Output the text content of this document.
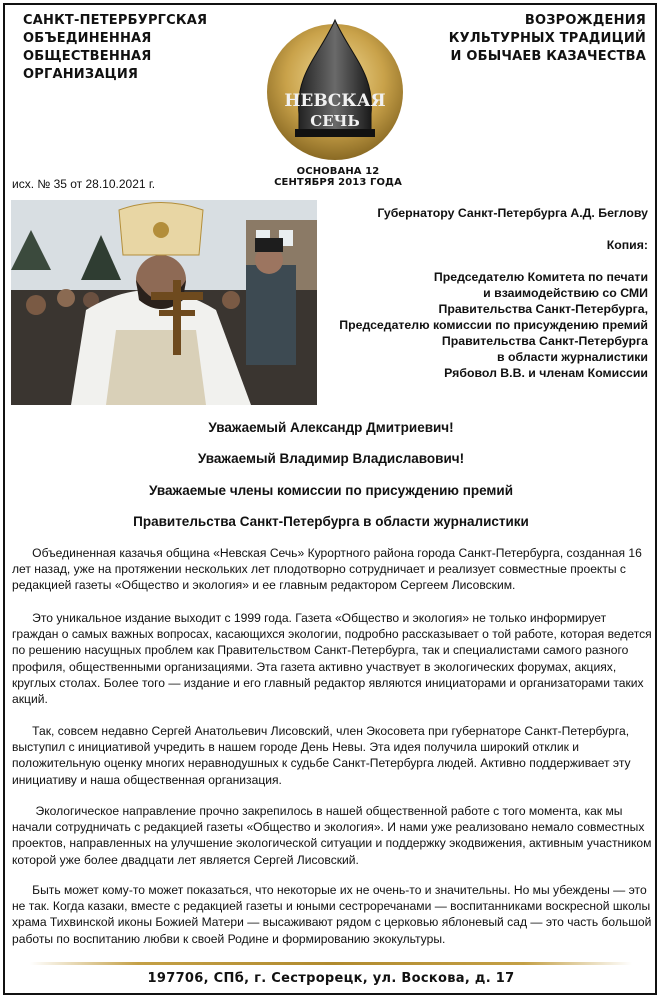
САНКТ-ПЕТЕРБУРГСКАЯ ОБЪЕДИНЕННАЯ
ОБЩЕСТВЕННАЯ ОРГАНИЗАЦИЯ
ВОЗРОЖДЕНИЯ КУЛЬТУРНЫХ ТРАДИЦИЙ
И ОБЫЧАЕВ КАЗАЧЕСТВА
НЕВСКАЯ
СЕЧЬ
ОСНОВАНА 12 СЕНТЯБРЯ 2013 ГОДА
исх. № 35 от 28.10.2021 г.
Губернатору Санкт-Петербурга А.Д. Беглову
Копия:
Председателю Комитета по печати
и взаимодействию со СМИ
Правительства Санкт-Петербурга,
Председателю комиссии по присуждению премий
Правительства Санкт-Петербурга
в области журналистики
Рябовол В.В. и членам Комиссии
Уважаемый Александр Дмитриевич!
Уважаемый Владимир Владиславович!
Уважаемые члены комиссии по присуждению премий
Правительства Санкт-Петербурга в области журналистики
Объединенная казачья община «Невская Сечь» Курортного района города Санкт-Петербурга, созданная 16
лет назад, уже на протяжении нескольких лет плодотворно сотрудничает и реализует совместные проекты с
редакцией газеты «Общество и экология» и ее главным редактором Сергеем Лисовским.
Это уникальное издание выходит с 1999 года. Газета «Общество и экология» не только информирует
граждан о самых важных вопросах, касающихся экологии, подробно рассказывает о той работе, которая ведется
по решению насущных проблем как Правительством Санкт-Петербурга, так и специалистами самого разного
профиля, общественными организациями. Эта газета активно участвует в экологических форумах, акциях,
круглых столах. Более того — издание и его главный редактор являются инициаторами и организаторами таких
акций.
Так, совсем недавно Сергей Анатольевич Лисовский, член Экосовета при губернаторе Санкт-Петербурга,
выступил с инициативой учредить в нашем городе День Невы. Эта идея получила широкий отклик и
положительную оценку многих неравнодушных к судьбе Санкт-Петербурга людей. Активно поддерживает эту
инициативу и наша общественная организация.
Экологическое направление прочно закрепилось в нашей общественной работе с того момента, как мы
начали сотрудничать с редакцией газеты «Общество и экология». И нами уже реализовано немало совместных
проектов, направленных на улучшение экологической ситуации и поддержку экодвижения, активным участником
которой уже более двадцати лет является Сергей Лисовский.
Быть может кому-то может показаться, что некоторые их не очень-то и значительны. Но мы убеждены — это
не так. Когда казаки, вместе с редакцией газеты и юными сестроречанами — воспитанниками воскресной школы
храма Тихвинской иконы Божией Матери — высаживают рядом с церковью яблоневый сад — это часть большой
работы по воспитанию любви к своей Родине и формированию экокультуры.
197706, СПб, г. Сестрорецк, ул. Воскова, д. 17
